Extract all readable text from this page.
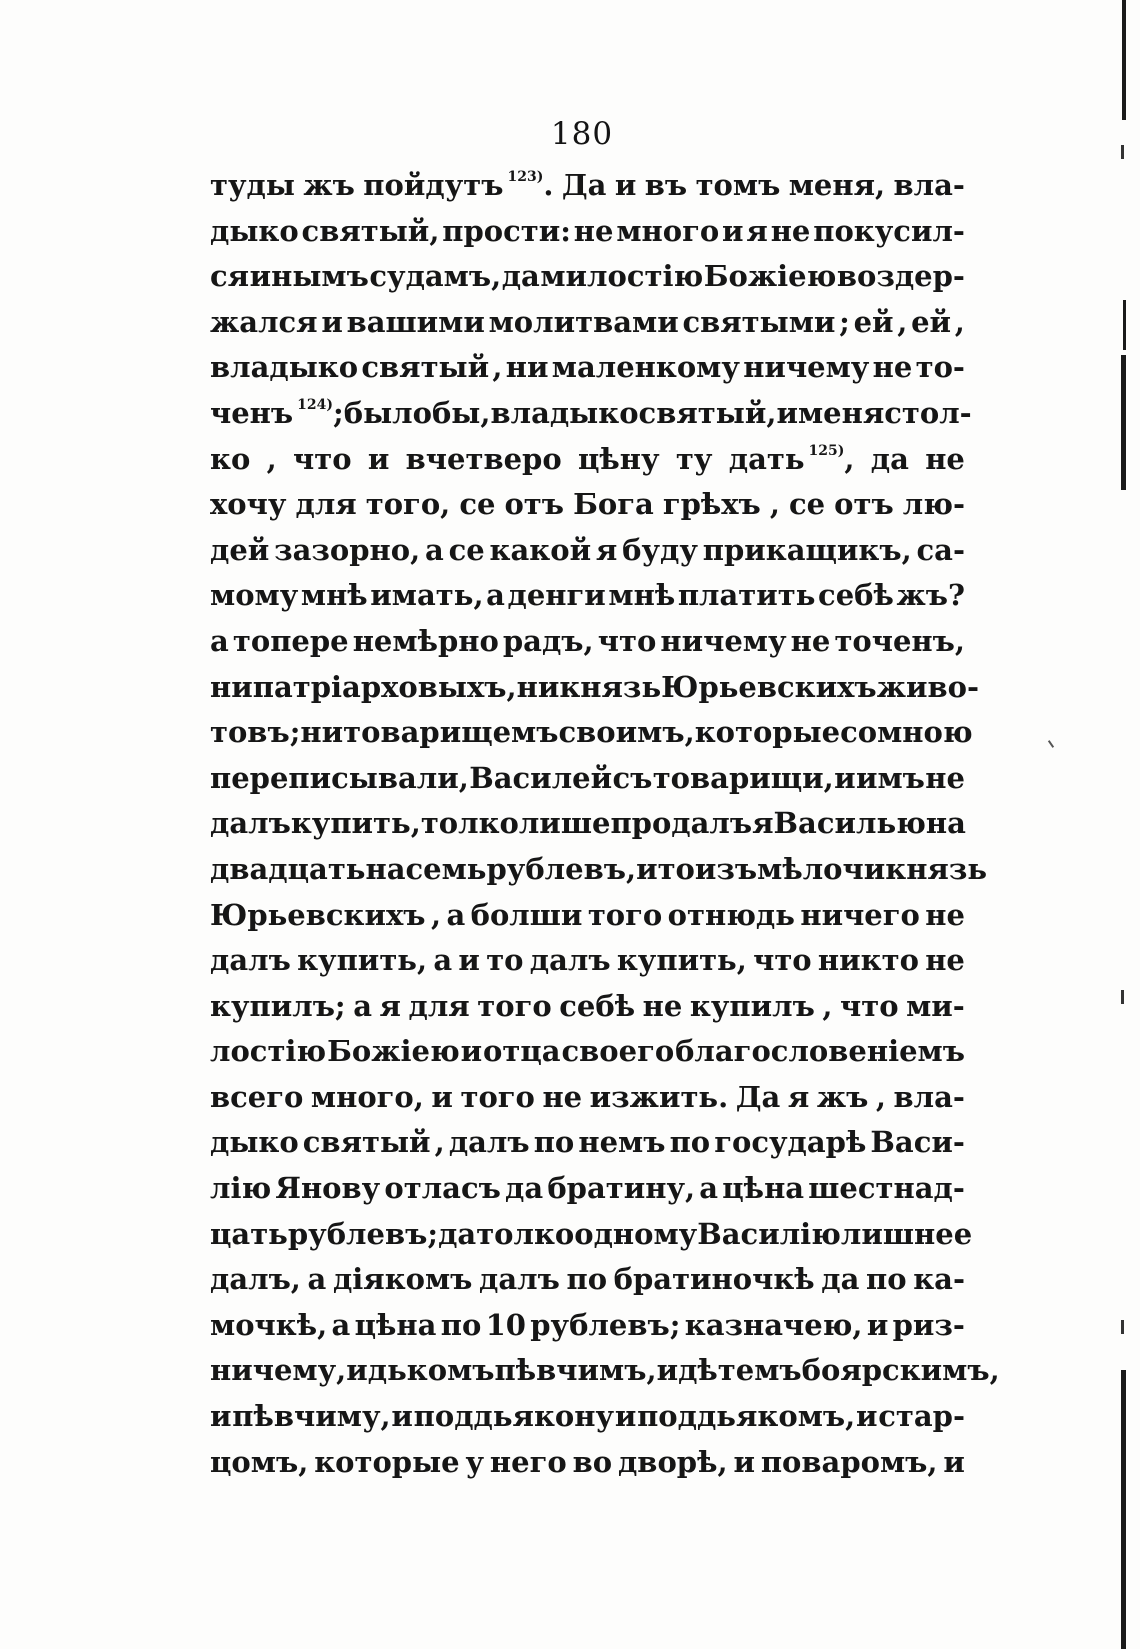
180
туды жъ пойдутъ $^{123)}$. Да и въ томъ меня, вла-
дыко святый, прости: не много и я не покусил-
ся инымъ судамъ, да милостію Божіею воздер-
жался и вашими молитвами святыми ; ей , ей ,
владыко святый , ни маленкому ничему не то-
ченъ $^{124)}$; было бы, владыко святый, и меня стол-
ко , что и вчетверо цѣну ту дать $^{125)}$, да не
хочу для того, се отъ Бога грѣхъ , се отъ лю-
дей зазорно, а се какой я буду прикащикъ, са-
мому мнѣ имать, а денги мнѣ платить себѣ жъ?
а топере немѣрно радъ, что ничему не точенъ,
ни патріарховыхъ, ни князь Юрьевскихъ живо-
товъ; ни товарищемъ своимъ, которые со мною
переписывали, Василей съ товарищи, и имъ не
далъ купить, толко лише продалъ я Василью на
двадцать на семь рублевъ, и то изъ мѣлочи князь
Юрьевскихъ , а болши того отнюдь ничего не
далъ купить, а и то далъ купить, что никто не
купилъ; а я для того себѣ не купилъ , что ми-
лостію Божіею и отца своего благословеніемъ
всего много, и того не изжить. Да я жъ , вла-
дыко святый , далъ по немъ по государѣ Васи-
лію Янову отласъ да братину, а цѣна шестнад-
цать рублевъ; да толко одному Василію лишнее
далъ, а діякомъ далъ по братиночкѣ да по ка-
мочкѣ, а цѣна по 10 рублевъ; казначею, и риз-
ничему, и дькомъ пѣвчимъ, и дѣтемъ боярскимъ,
и пѣвчиму, и поддьякону и поддьякомъ, и стар-
цомъ, которые у него во дворѣ, и поваромъ, и
